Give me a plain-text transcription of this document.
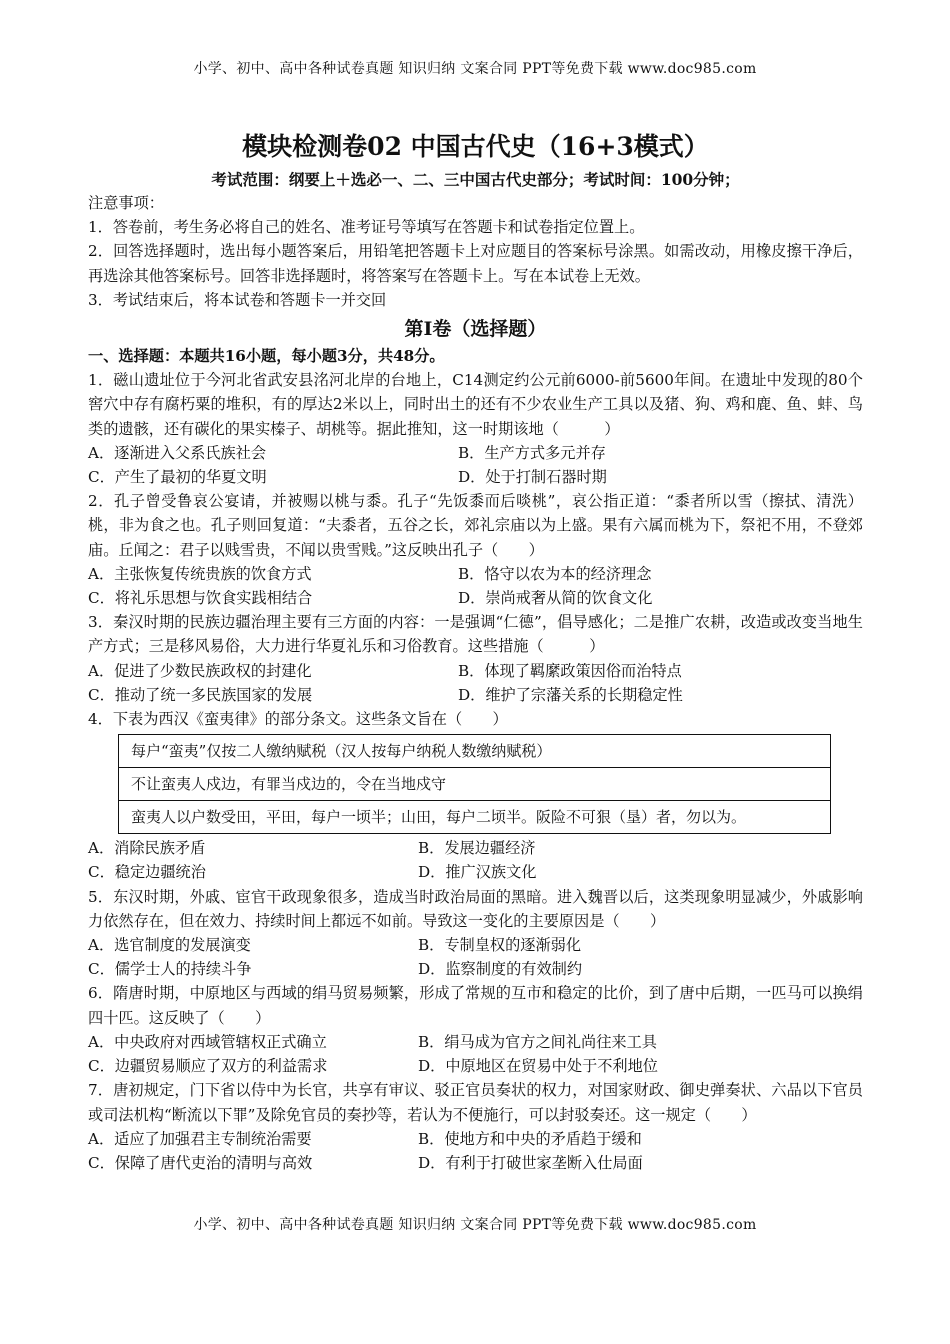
小学、初中、高中各种试卷真题 知识归纳 文案合同 PPT等免费下载 www.doc985.com
模块检测卷02 中国古代史（16+3模式）
考试范围：纲要上＋选必一、二、三中国古代史部分；考试时间：100分钟；

注意事项：

1．答卷前，考生务必将自己的姓名、准考证号等填写在答题卡和试卷指定位置上。

2．回答选择题时，选出每小题答案后，用铅笔把答题卡上对应题目的答案标号涂黑。如需改动，用橡皮擦干净后，再选涂其他答案标号。回答非选择题时，将答案写在答题卡上。写在本试卷上无效。

3．考试结束后，将本试卷和答题卡一并交回

第I卷（选择题）

一、选择题：本题共16小题，每小题3分，共48分。

1．磁山遗址位于今河北省武安县洺河北岸的台地上，C14测定约公元前6000-前5600年间。在遗址中发现的80个窖穴中存有腐朽粟的堆积，有的厚达2米以上，同时出土的还有不少农业生产工具以及猪、狗、鸡和鹿、鱼、蚌、鸟类的遗骸，还有碳化的果实榛子、胡桃等。据此推知，这一时期该地（　　　）

A．逐渐进入父系氏族社会	B．生产方式多元并存
C．产生了最初的华夏文明	D．处于打制石器时期

2．孔子曾受鲁哀公宴请，并被赐以桃与黍。孔子“先饭黍而后啖桃”，哀公指正道：“黍者所以雪（擦拭、清洗）桃，非为食之也。孔子则回复道：“夫黍者，五谷之长，郊礼宗庙以为上盛。果有六属而桃为下，祭祀不用，不登郊庙。丘闻之：君子以贱雪贵，不闻以贵雪贱。”这反映出孔子（　　）

A．主张恢复传统贵族的饮食方式	B．恪守以农为本的经济理念
C．将礼乐思想与饮食实践相结合	D．崇尚戒奢从简的饮食文化

3．秦汉时期的民族边疆治理主要有三方面的内容：一是强调“仁德”，倡导感化；二是推广农耕，改造或改变当地生产方式；三是移风易俗，大力进行华夏礼乐和习俗教育。这些措施（　　　）

A．促进了少数民族政权的封建化	B．体现了羁縻政策因俗而治特点
C．推动了统一多民族国家的发展	D．维护了宗藩关系的长期稳定性

4．下表为西汉《蛮夷律》的部分条文。这些条文旨在（　　）

每户“蛮夷”仅按二人缴纳赋税（汉人按每户纳税人数缴纳赋税）
不让蛮夷人戍边，有罪当戍边的，令在当地戍守
蛮夷人以户数受田，平田，每户一顷半；山田，每户二顷半。阪险不可狠（垦）者，勿以为。
A．消除民族矛盾	B．发展边疆经济
C．稳定边疆统治	D．推广汉族文化

5．东汉时期，外戚、宦官干政现象很多，造成当时政治局面的黑暗。进入魏晋以后，这类现象明显减少，外戚影响力依然存在，但在效力、持续时间上都远不如前。导致这一变化的主要原因是（　　）

A．选官制度的发展演变	B．专制皇权的逐渐弱化
C．儒学士人的持续斗争	D．监察制度的有效制约

6．隋唐时期，中原地区与西域的绢马贸易频繁，形成了常规的互市和稳定的比价，到了唐中后期，一匹马可以换绢四十匹。这反映了（　　）

A．中央政府对西域管辖权正式确立	B．绢马成为官方之间礼尚往来工具
C．边疆贸易顺应了双方的利益需求	D．中原地区在贸易中处于不利地位

7．唐初规定，门下省以侍中为长官，共享有审议、驳正官员奏状的权力，对国家财政、御史弹奏状、六品以下官员或司法机构“断流以下罪”及除免官员的奏抄等，若认为不便施行，可以封驳奏还。这一规定（　　）

A．适应了加强君主专制统治需要	B．使地方和中央的矛盾趋于缓和
C．保障了唐代吏治的清明与高效	D．有利于打破世家垄断入仕局面
小学、初中、高中各种试卷真题 知识归纳 文案合同 PPT等免费下载 www.doc985.com
